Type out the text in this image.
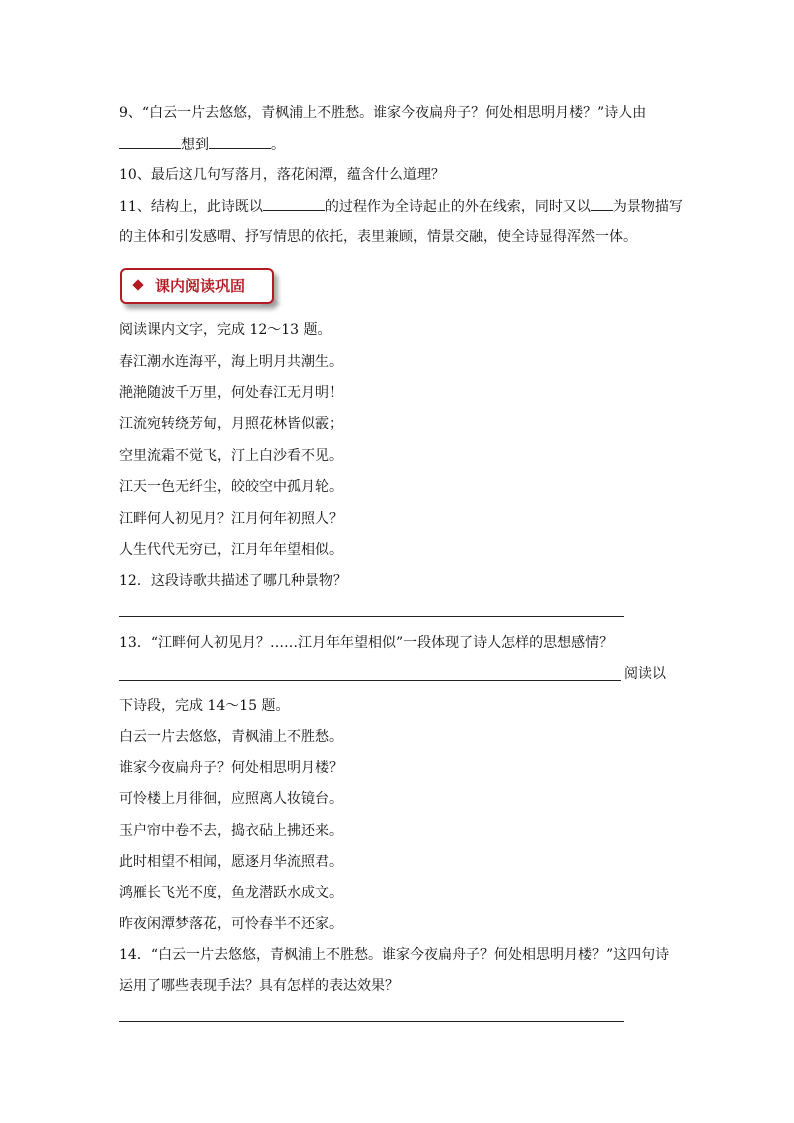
9、“白云一片去悠悠，青枫浦上不胜愁。谁家今夜扁舟子？何处相思明月楼？”诗人由
想到	。
10、最后这几句写落月，落花闲潭，蕴含什么道理？
11、结构上，此诗既以	的过程作为全诗起止的外在线索，同时又以 为景物描写
的主体和引发感喟、抒写情思的依托，表里兼顾，情景交融，使全诗显得浑然一体。
课内阅读巩固
阅读课内文字，完成 12～13 题。
春江潮水连海平，海上明月共潮生。
滟滟随波千万里，何处春江无月明！
江流宛转绕芳甸，月照花林皆似霰；
空里流霜不觉飞，汀上白沙看不见。
江天一色无纤尘，皎皎空中孤月轮。
江畔何人初见月？江月何年初照人？
人生代代无穷已，江月年年望相似。
12．这段诗歌共描述了哪几种景物？
13．“江畔何人初见月？……江月年年望相似”一段体现了诗人怎样的思想感情？
阅读以
下诗段，完成 14～15 题。
白云一片去悠悠，青枫浦上不胜愁。
谁家今夜扁舟子？何处相思明月楼？
可怜楼上月徘徊，应照离人妆镜台。
玉户帘中卷不去，捣衣砧上拂还来。
此时相望不相闻，愿逐月华流照君。
鸿雁长飞光不度，鱼龙潜跃水成文。
昨夜闲潭梦落花，可怜春半不还家。
14．“白云一片去悠悠，青枫浦上不胜愁。谁家今夜扁舟子？何处相思明月楼？”这四句诗
运用了哪些表现手法？具有怎样的表达效果？
